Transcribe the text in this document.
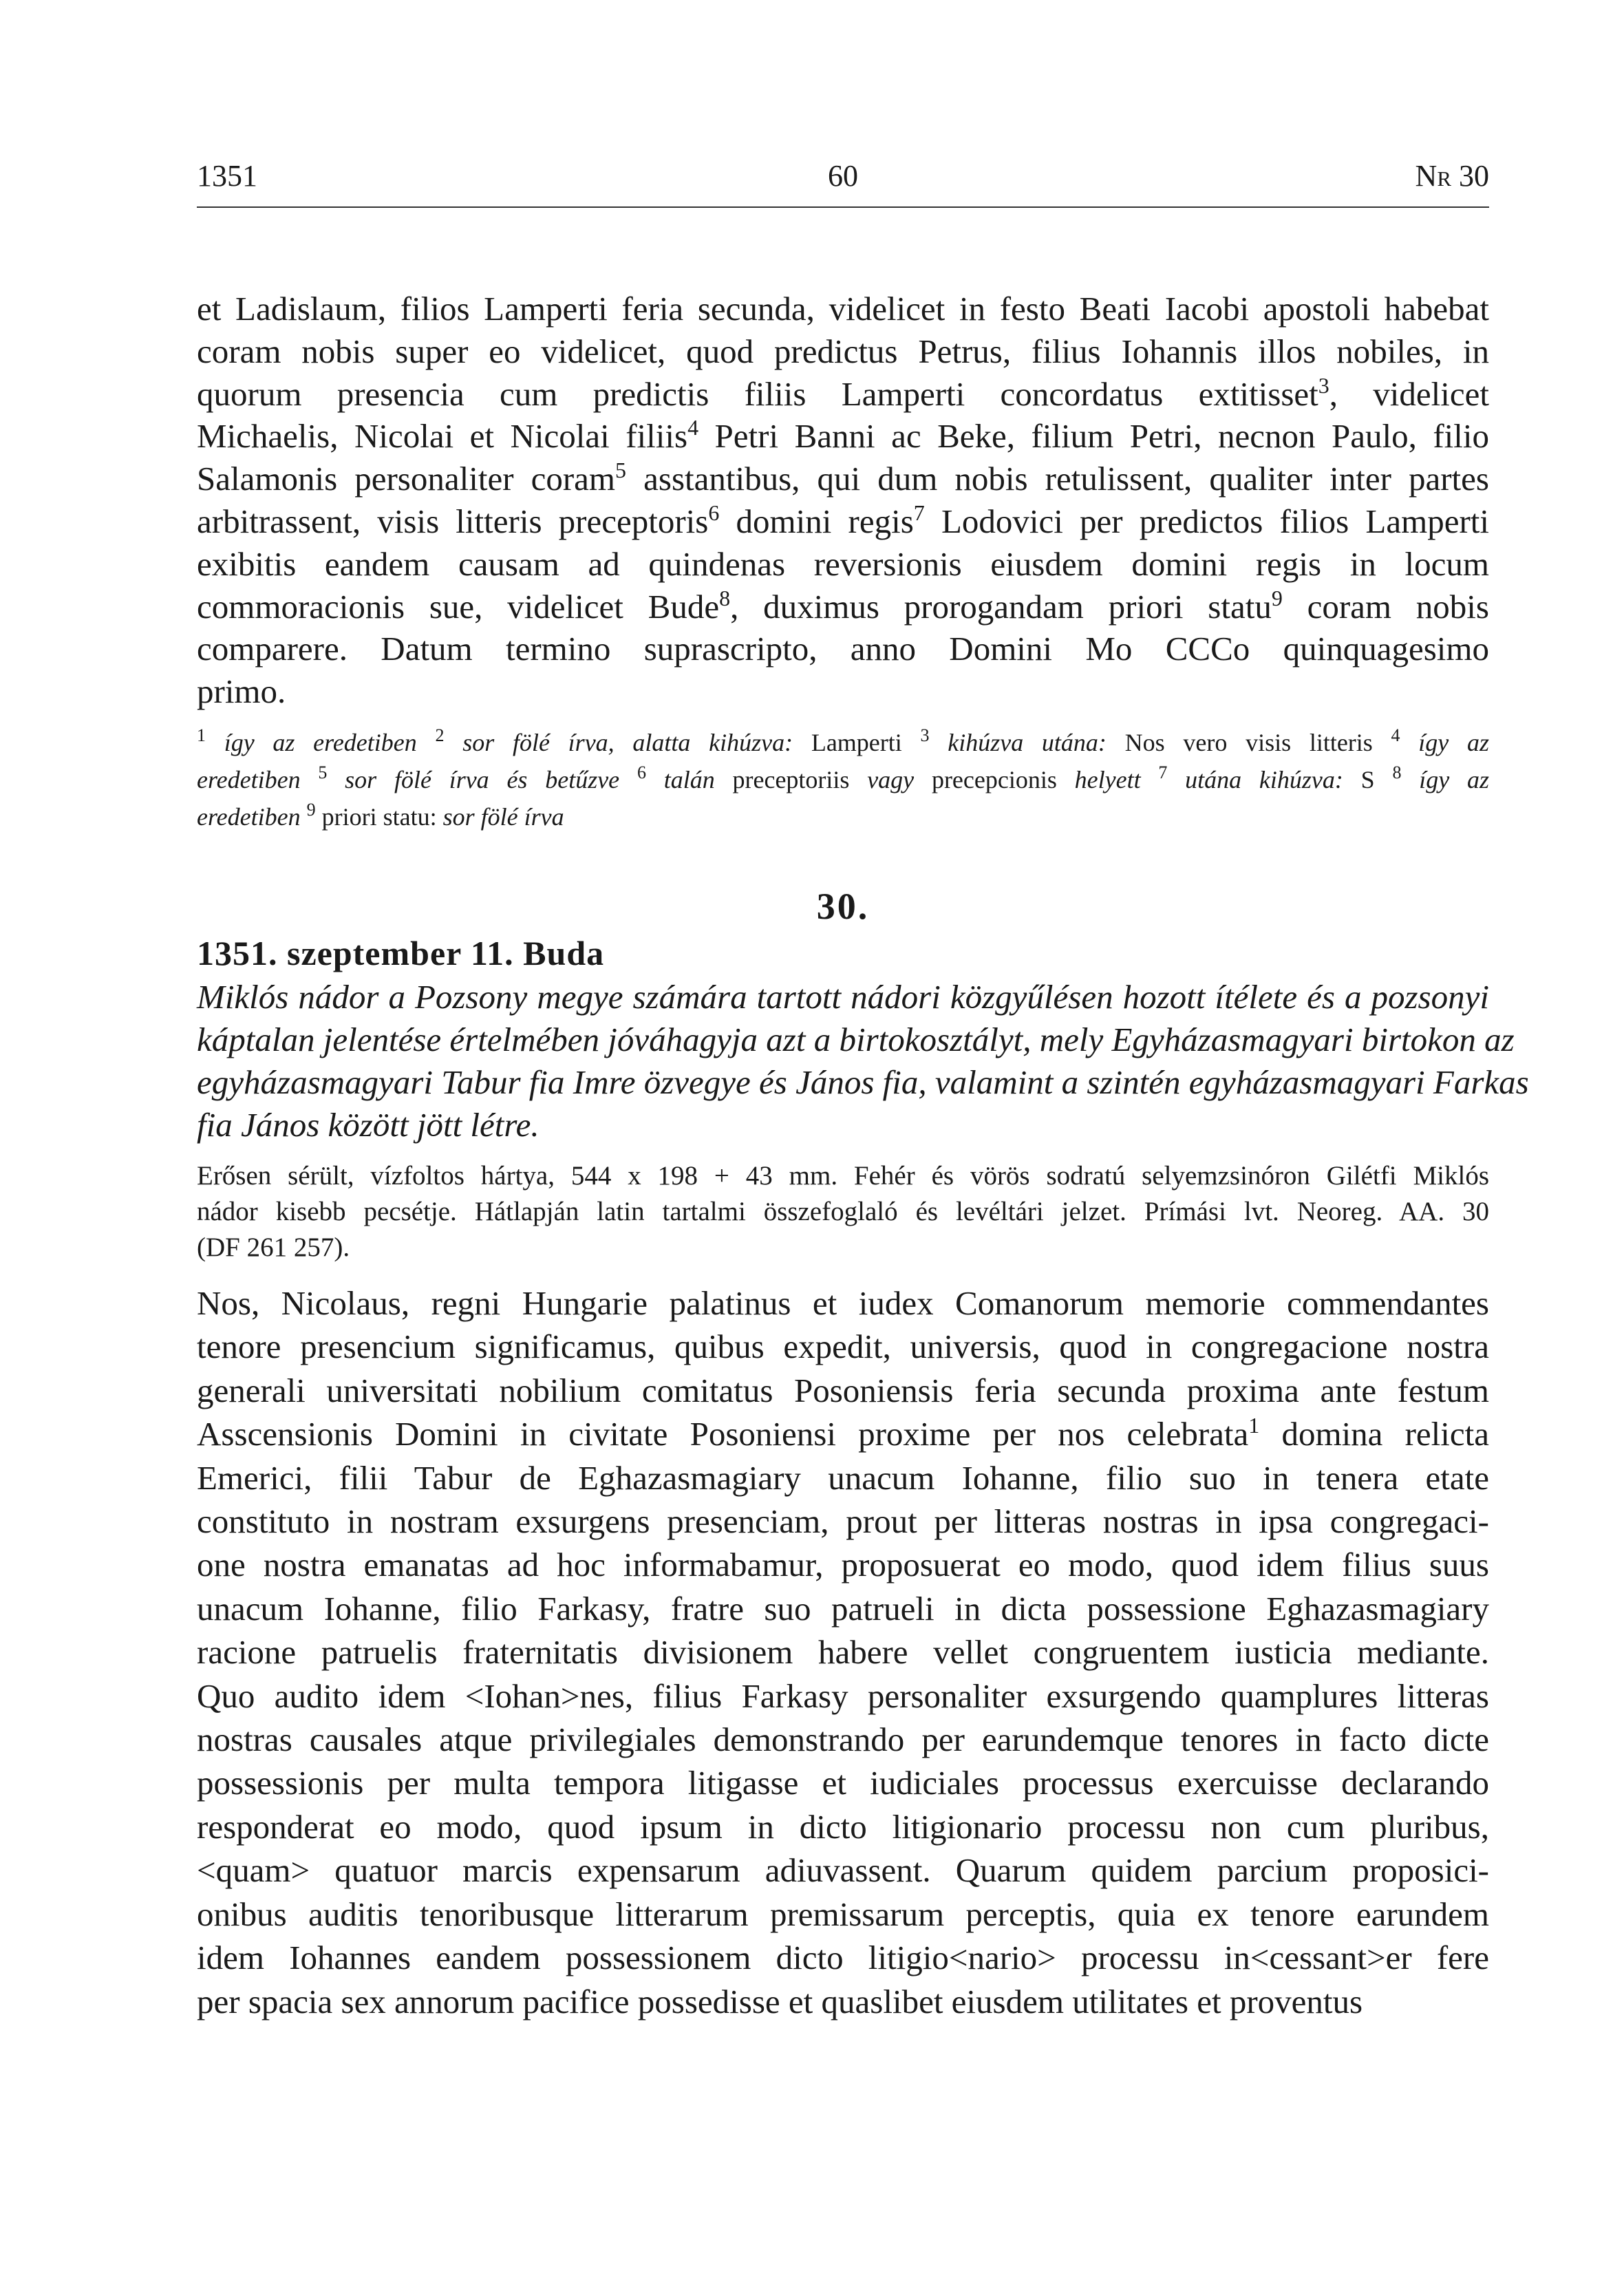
1351	60	Nr 30
et Ladislaum, filios Lamperti feria secunda, videlicet in festo Beati Iacobi apostoli habebat
coram nobis super eo videlicet, quod predictus Petrus, filius Iohannis illos nobiles, in
quorum presencia cum predictis filiis Lamperti concordatus extitisset$^3$, videlicet
Michaelis, Nicolai et Nicolai filiis$^4$ Petri Banni ac Beke, filium Petri, necnon Paulo, filio
Salamonis personaliter coram$^5$ asstantibus, qui dum nobis retulissent, qualiter inter partes
arbitrassent, visis litteris preceptoris$^6$ domini regis$^7$ Lodovici per predictos filios Lamperti
exibitis eandem causam ad quindenas reversionis eiusdem domini regis in locum
commoracionis sue, videlicet Bude$^8$, duximus prorogandam priori statu$^9$ coram nobis
comparere. Datum termino suprascripto, anno Domini Mo CCCo quinquagesimo
primo.
$^1$ így az eredetiben $^2$ sor fölé írva, alatta kihúzva: Lamperti $^3$ kihúzva utána: Nos vero visis litteris $^4$ így az
eredetiben $^5$ sor fölé írva és betűzve $^6$ talán preceptoriis vagy precepcionis helyett $^7$ utána kihúzva: S $^8$ így az
eredetiben $^9$ priori statu: sor fölé írva
30.
1351. szeptember 11. Buda
Miklós nádor a Pozsony megye számára tartott nádori közgyűlésen hozott ítélete és a pozsonyi
káptalan jelentése értelmében jóváhagyja azt a birtokosztályt, mely Egyházasmagyari birtokon az
egyházasmagyari Tabur fia Imre özvegye és János fia, valamint a szintén egyházasmagyari Farkas
fia János között jött létre.
Erősen sérült, vízfoltos hártya, 544 x 198 + 43 mm. Fehér és vörös sodratú selyemzsinóron Gilétfi Miklós
nádor kisebb pecsétje. Hátlapján latin tartalmi összefoglaló és levéltári jelzet. Prímási lvt. Neoreg. AA. 30
(DF 261 257).
Nos, Nicolaus, regni Hungarie palatinus et iudex Comanorum memorie commendantes
tenore presencium significamus, quibus expedit, universis, quod in congregacione nostra
generali universitati nobilium comitatus Posoniensis feria secunda proxima ante festum
Asscensionis Domini in civitate Posoniensi proxime per nos celebrata$^1$ domina relicta
Emerici, filii Tabur de Eghazasmagiary unacum Iohanne, filio suo in tenera etate
constituto in nostram exsurgens presenciam, prout per litteras nostras in ipsa congregaci-
one nostra emanatas ad hoc informabamur, proposuerat eo modo, quod idem filius suus
unacum Iohanne, filio Farkasy, fratre suo patrueli in dicta possessione Eghazasmagiary
racione patruelis fraternitatis divisionem habere vellet congruentem iusticia mediante.
Quo audito idem <Iohan>nes, filius Farkasy personaliter exsurgendo quamplures litteras
nostras causales atque privilegiales demonstrando per earundemque tenores in facto dicte
possessionis per multa tempora litigasse et iudiciales processus exercuisse declarando
responderat eo modo, quod ipsum in dicto litigionario processu non cum pluribus,
<quam> quatuor marcis expensarum adiuvassent. Quarum quidem parcium proposici-
onibus auditis tenoribusque litterarum premissarum perceptis, quia ex tenore earundem
idem Iohannes eandem possessionem dicto litigio<nario> processu in<cessant>er fere
per spacia sex annorum pacifice possedisse et quaslibet eiusdem utilitates et proventus
